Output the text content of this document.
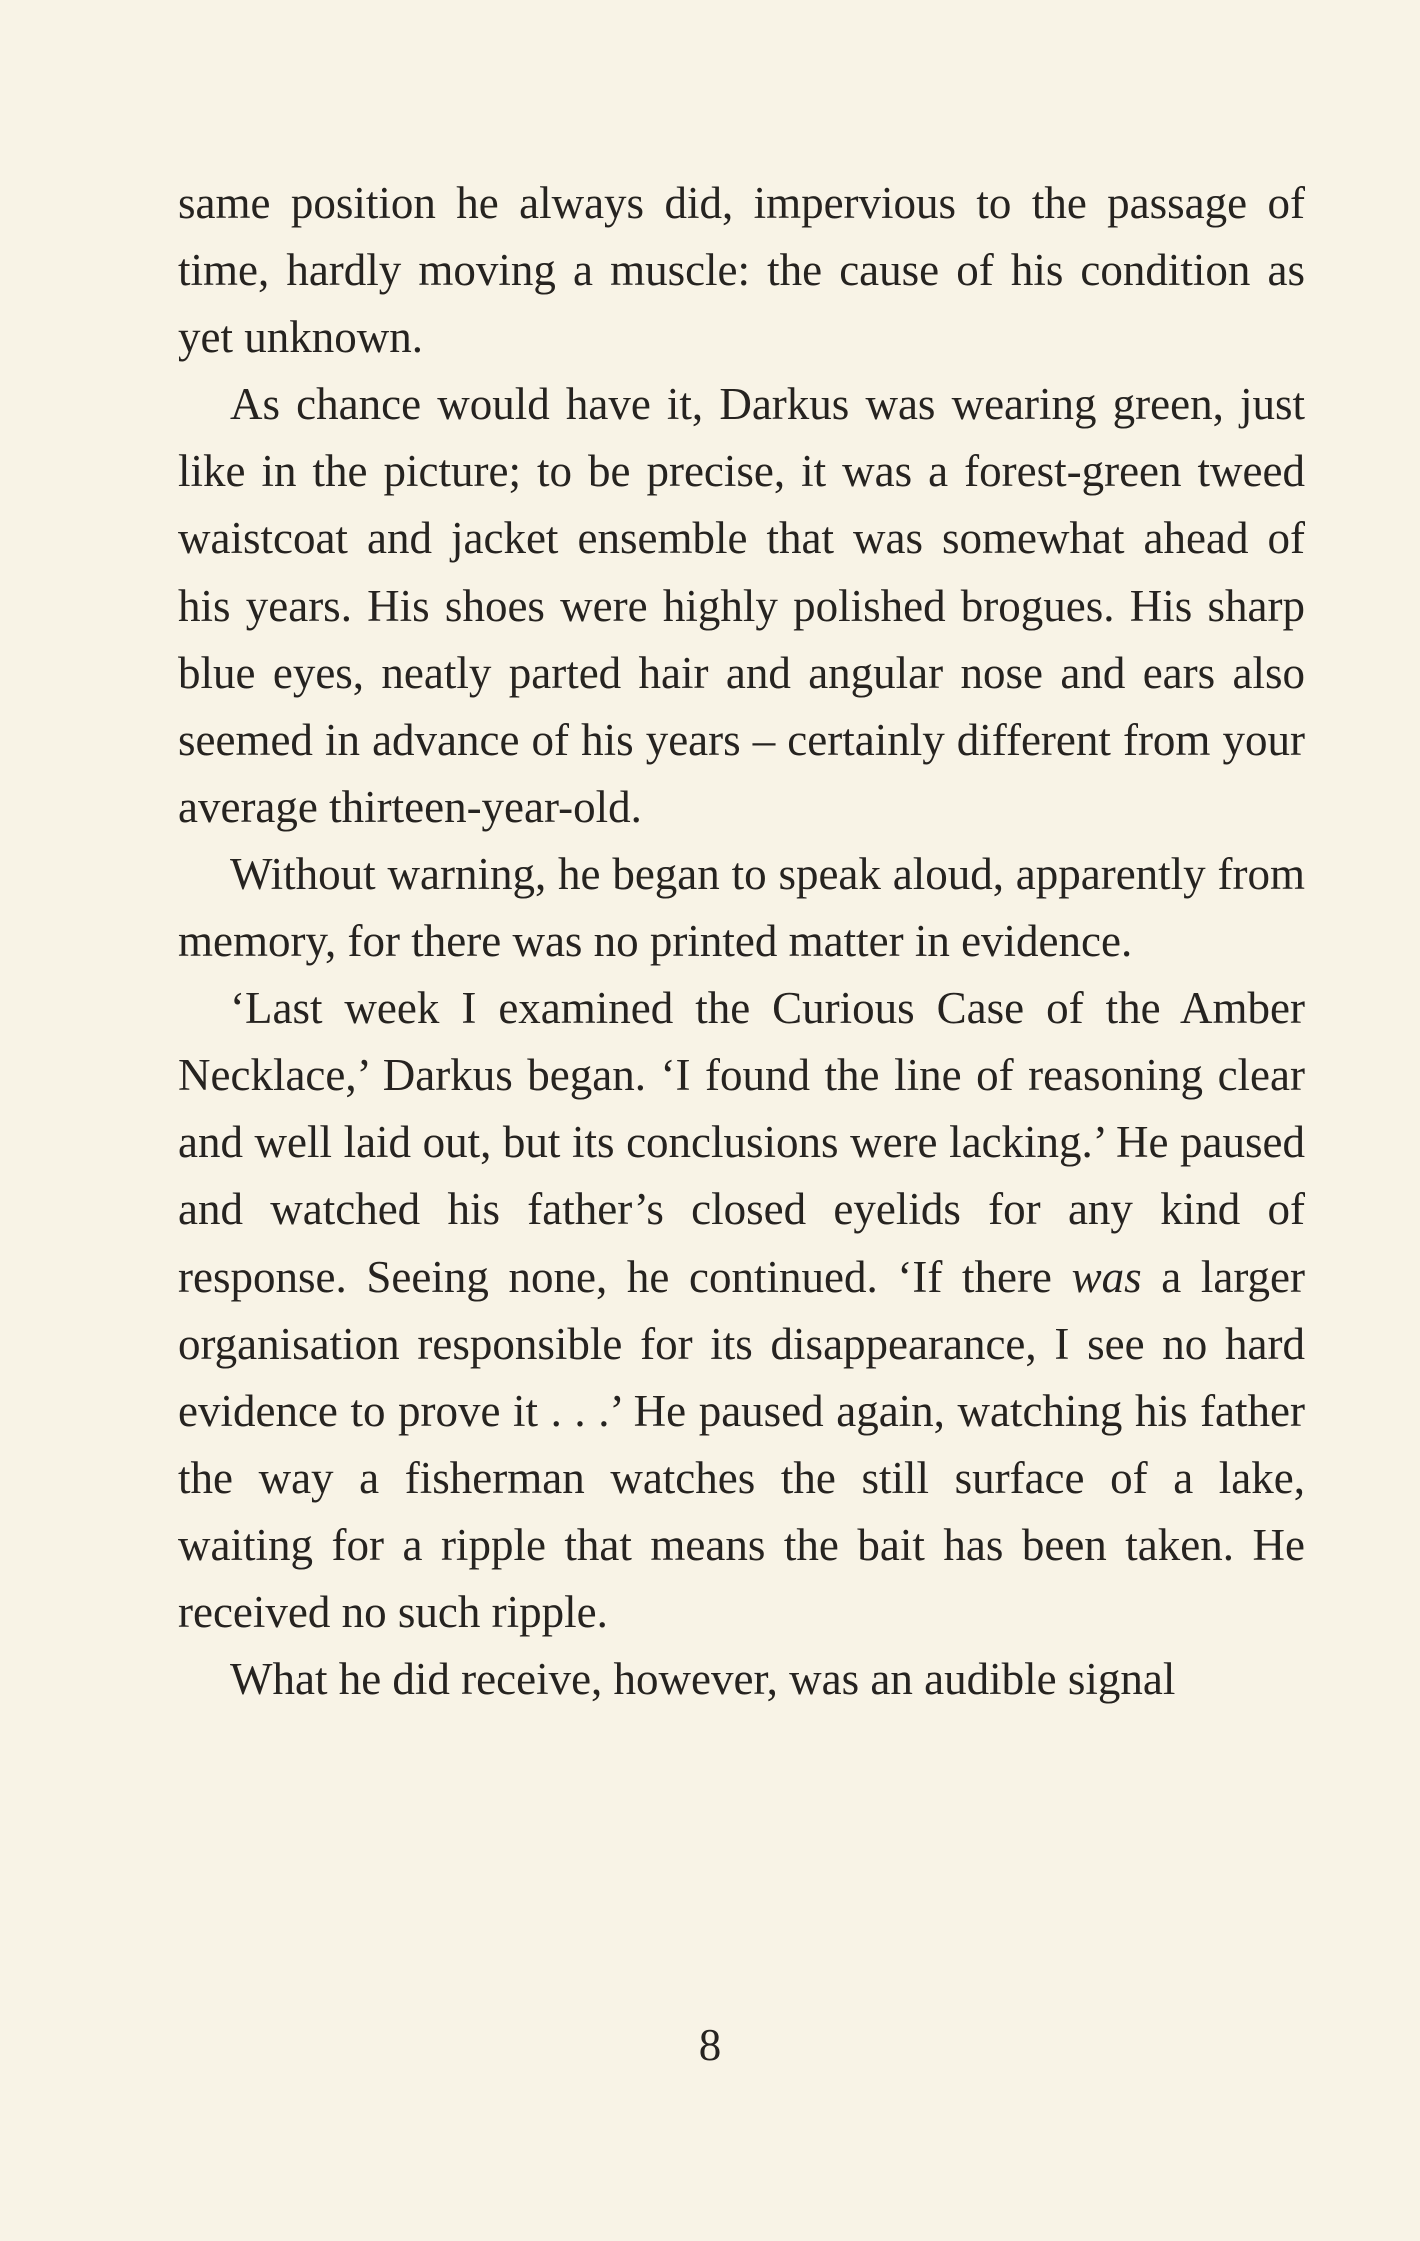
same position he always did, impervious to the passage of time, hardly moving a muscle: the cause of his condition as yet unknown.

As chance would have it, Darkus was wearing green, just like in the picture; to be precise, it was a forest-green tweed waistcoat and jacket ensemble that was somewhat ahead of his years. His shoes were highly polished brogues. His sharp blue eyes, neatly parted hair and angular nose and ears also seemed in advance of his years – certainly different from your average thirteen-year-old.

Without warning, he began to speak aloud, apparently from memory, for there was no printed matter in evidence.

‘Last week I examined the Curious Case of the Amber Necklace,’ Darkus began. ‘I found the line of reasoning clear and well laid out, but its conclusions were lacking.’ He paused and watched his father’s closed eyelids for any kind of response. Seeing none, he continued. ‘If there was a larger organisation responsible for its disappearance, I see no hard evidence to prove it . . .’ He paused again, watching his father the way a fisherman watches the still surface of a lake, waiting for a ripple that means the bait has been taken. He received no such ripple.

What he did receive, however, was an audible signal

8
